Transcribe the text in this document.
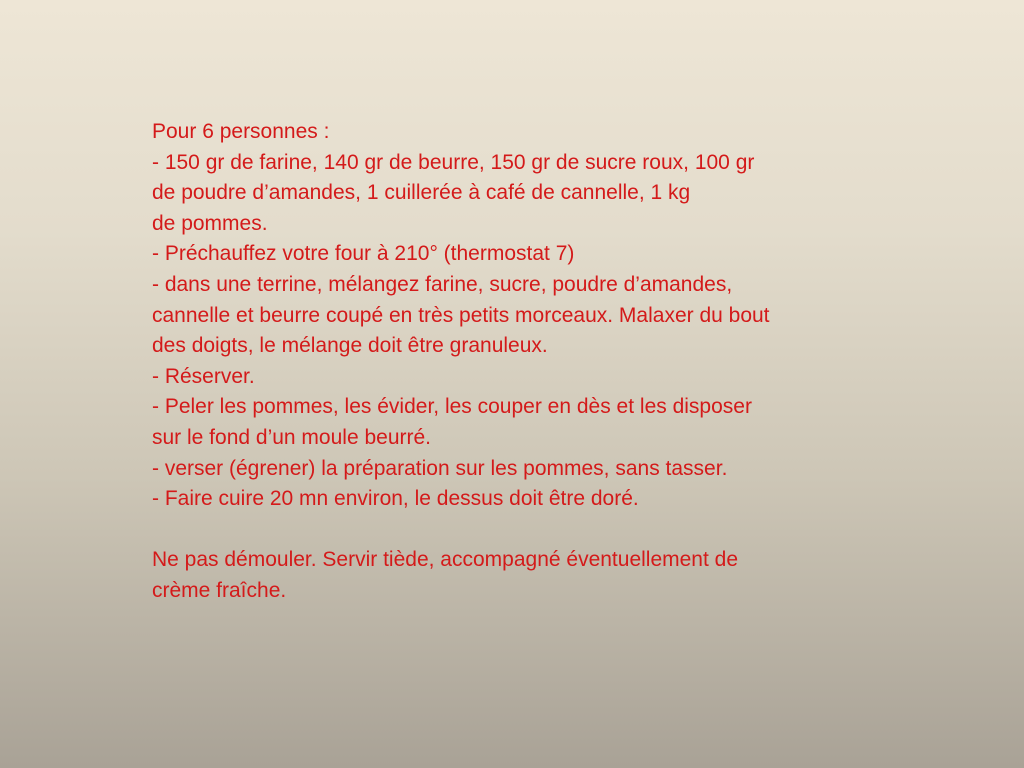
Pour 6 personnes :

- 150 gr de farine, 140 gr de beurre, 150 gr de sucre roux, 100 gr

de poudre d’amandes, 1 cuillerée à café de cannelle, 1 kg

de pommes.

- Préchauffez votre four à 210° (thermostat 7)

- dans une terrine, mélangez farine, sucre, poudre d’amandes,

cannelle et beurre coupé en très petits morceaux. Malaxer du bout

des doigts, le mélange doit être granuleux.

- Réserver.

- Peler les pommes, les évider, les couper en dès et les disposer

sur le fond d’un moule beurré.

- verser (égrener) la préparation sur les pommes, sans tasser.

- Faire cuire 20 mn environ, le dessus doit être doré.

Ne pas démouler. Servir tiède, accompagné éventuellement de

crème fraîche.
